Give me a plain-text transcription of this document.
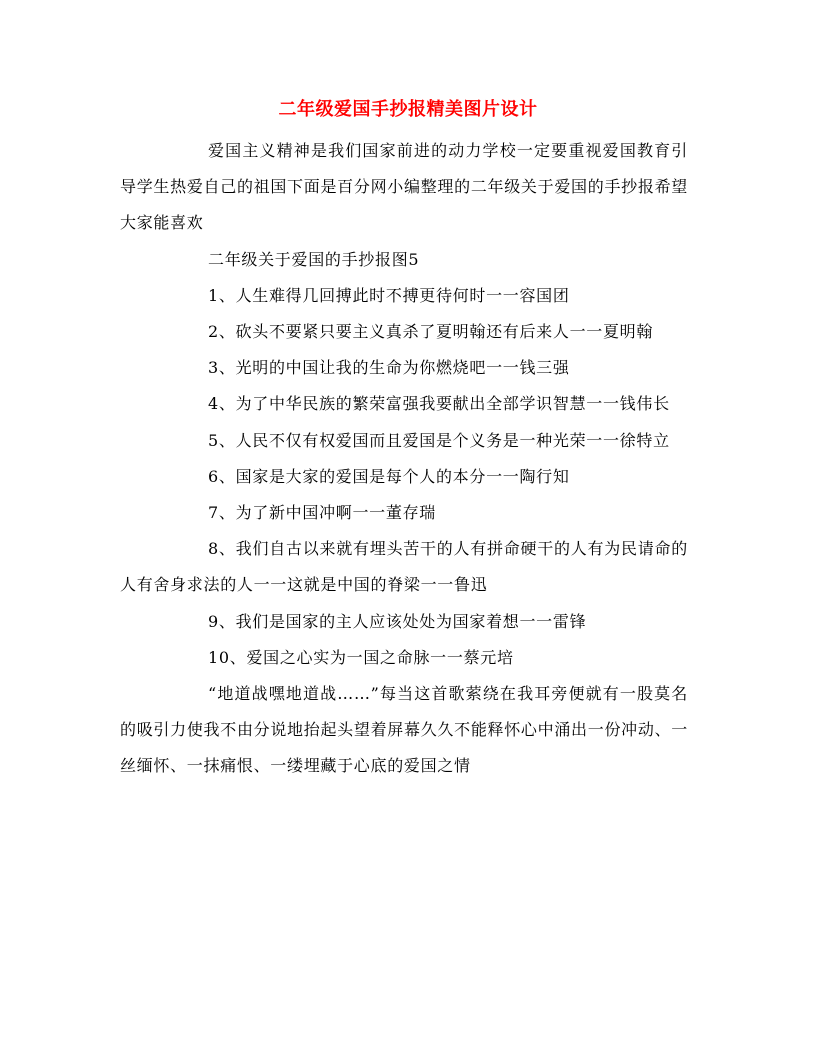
二年级爱国手抄报精美图片设计

爱国主义精神是我们国家前进的动力学校一定要重视爱国教育引导学生热爱自己的祖国下面是百分网小编整理的二年级关于爱国的手抄报希望大家能喜欢

二年级关于爱国的手抄报图5

1、人生难得几回搏此时不搏更待何时一一容国团

2、砍头不要紧只要主义真杀了夏明翰还有后来人一一夏明翰

3、光明的中国让我的生命为你燃烧吧一一钱三强

4、为了中华民族的繁荣富强我要献出全部学识智慧一一钱伟长

5、人民不仅有权爱国而且爱国是个义务是一种光荣一一徐特立

6、国家是大家的爱国是每个人的本分一一陶行知

7、为了新中国冲啊一一董存瑞

8、我们自古以来就有埋头苦干的人有拼命硬干的人有为民请命的人有舍身求法的人一一这就是中国的脊梁一一鲁迅

9、我们是国家的主人应该处处为国家着想一一雷锋

10、爱国之心实为一国之命脉一一蔡元培

“地道战嘿地道战……”每当这首歌萦绕在我耳旁便就有一股莫名的吸引力使我不由分说地抬起头望着屏幕久久不能释怀心中涌出一份冲动、一丝缅怀、一抹痛恨、一缕埋藏于心底的爱国之情
